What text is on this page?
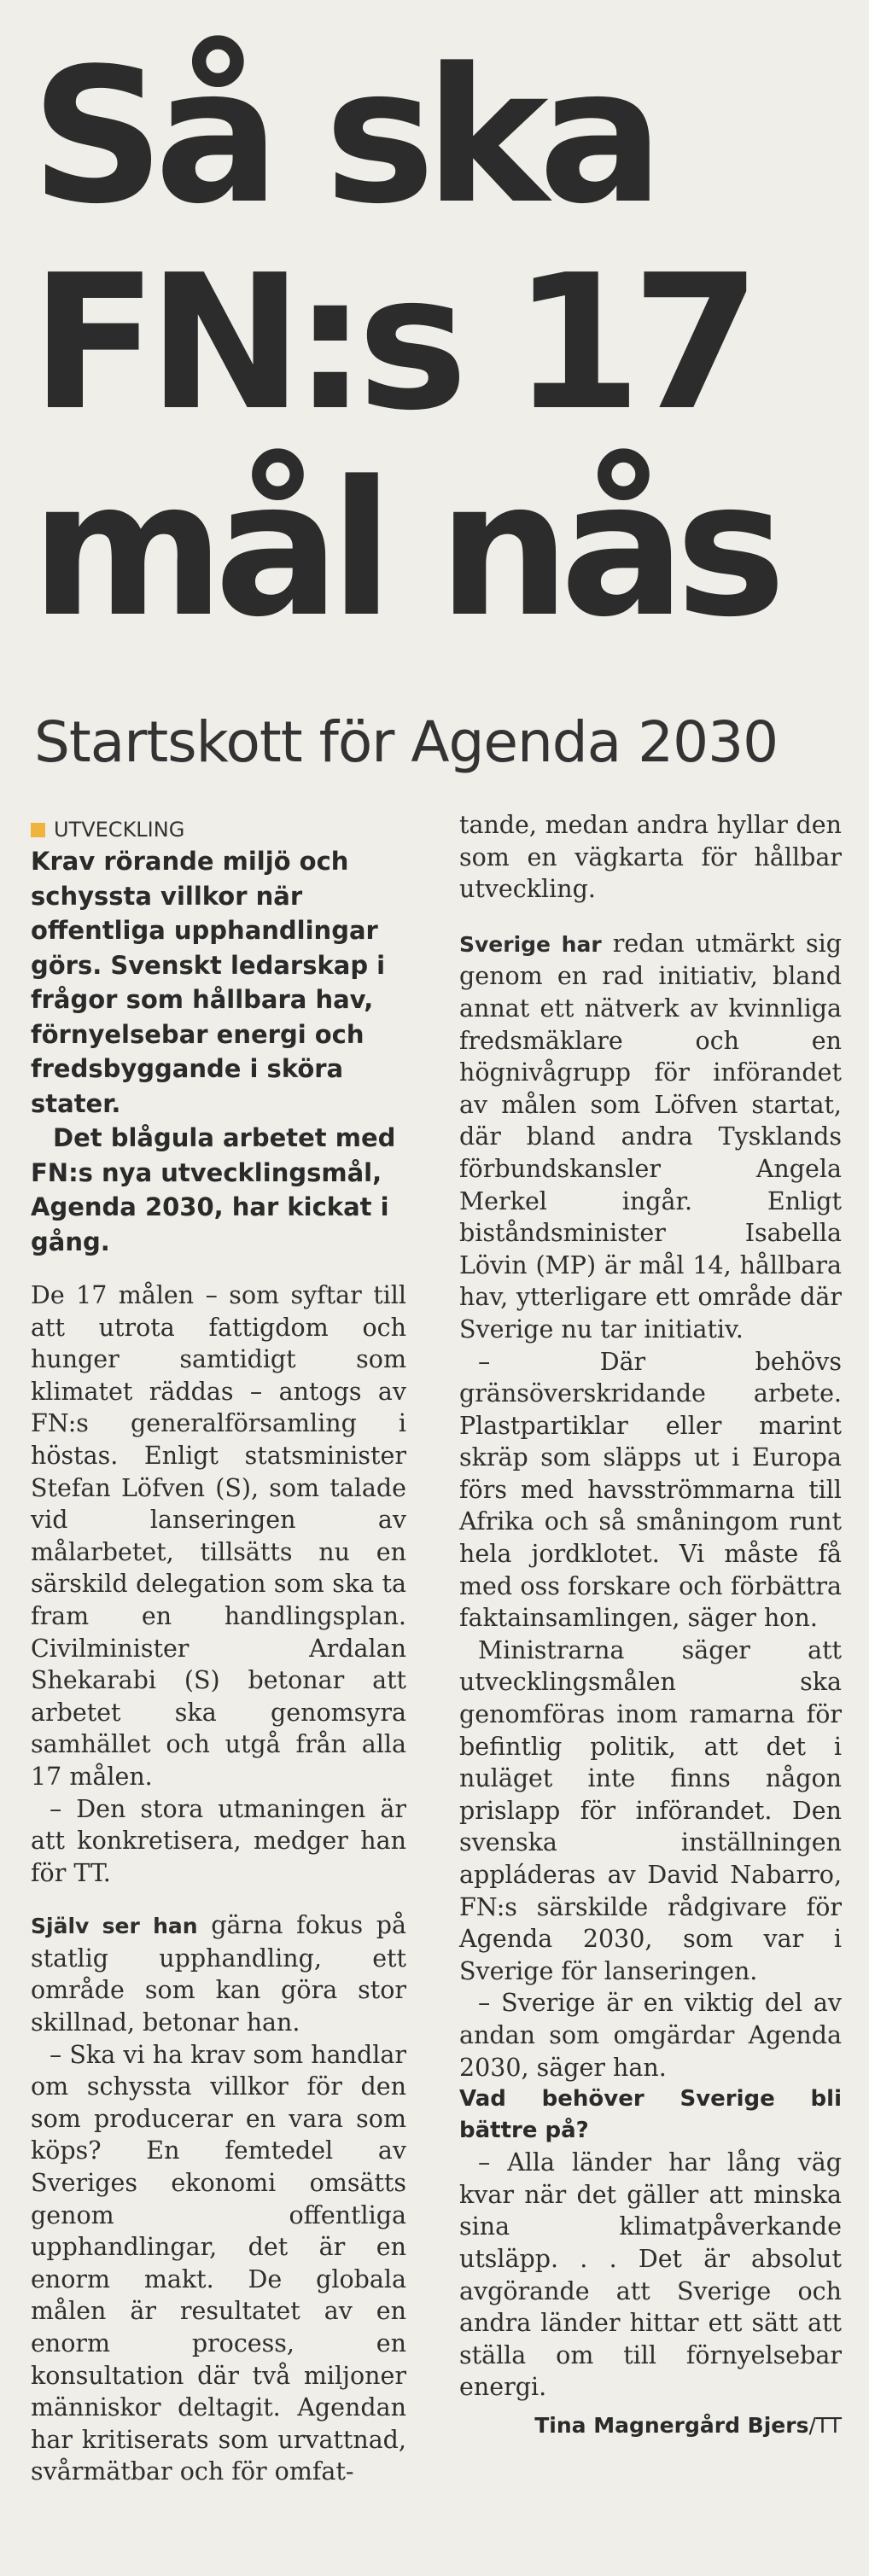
Så ska
FN:s 17
mål nås
Startskott för Agenda 2030
UTVECKLING

Krav rörande miljö och schyssta villkor när offentliga upphandlingar görs. Svenskt ledarskap i frågor som hållbara hav, förnyelsebar energi och fredsbyggande i sköra stater.

Det blågula arbetet med FN:s nya utvecklingsmål, Agenda 2030, har kickat i gång.

De 17 målen – som syftar till att utrota fattigdom och hunger samtidigt som klimatet räddas – antogs av FN:s generalförsamling i höstas. Enligt statsminister Stefan Löfven (S), som talade vid lanseringen av målarbetet, tillsätts nu en särskild delegation som ska ta fram en handlingsplan. Civilminister Ardalan Shekarabi (S) betonar att arbetet ska genomsyra samhället och utgå från alla 17 målen.

– Den stora utmaningen är att konkretisera, medger han för TT.

Själv ser han gärna fokus på statlig upphandling, ett område som kan göra stor skillnad, betonar han.

– Ska vi ha krav som handlar om schyssta villkor för den som producerar en vara som köps? En femtedel av Sveriges ekonomi omsätts genom offentliga upphandlingar, det är en enorm makt. De globala målen är resultatet av en enorm process, en konsultation där två miljoner människor deltagit. Agendan har kritiserats som urvattnad, svårmätbar och för omfat-

tande, medan andra hyllar den som en vägkarta för hållbar utveckling.

Sverige har redan utmärkt sig genom en rad initiativ, bland annat ett nätverk av kvinnliga fredsmäklare och en högnivågrupp för införandet av målen som Löfven startat, där bland andra Tysklands förbundskansler Angela Merkel ingår. Enligt biståndsminister Isabella Lövin (MP) är mål 14, hållbara hav, ytterligare ett område där Sverige nu tar initiativ.

– Där behövs gränsöverskridande arbete. Plastpartiklar eller marint skräp som släpps ut i Europa förs med havsströmmarna till Afrika och så småningom runt hela jordklotet. Vi måste få med oss forskare och förbättra faktainsamlingen, säger hon.

Ministrarna säger att utvecklingsmålen ska genomföras inom ramarna för befintlig politik, att det i nuläget inte finns någon prislapp för införandet. Den svenska inställningen appláderas av David Nabarro, FN:s särskilde rådgivare för Agenda 2030, som var i Sverige för lanseringen.

– Sverige är en viktig del av andan som omgärdar Agenda 2030, säger han.

Vad behöver Sverige bli bättre på?

– Alla länder har lång väg kvar när det gäller att minska sina klimatpåverkande utsläpp. . . Det är absolut avgörande att Sverige och andra länder hittar ett sätt att ställa om till förnyelsebar energi.

Tina Magnergård Bjers/TT
